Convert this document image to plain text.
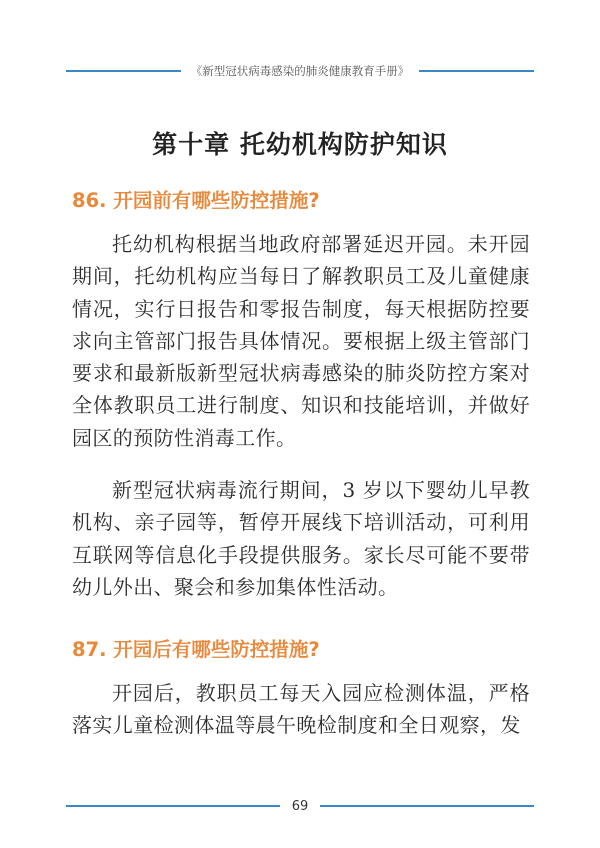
《新型冠状病毒感染的肺炎健康教育手册》
第十章 托幼机构防护知识
86. 开园前有哪些防控措施?

托幼机构根据当地政府部署延迟开园。未开园期间，托幼机构应当每日了解教职员工及儿童健康情况，实行日报告和零报告制度，每天根据防控要求向主管部门报告具体情况。要根据上级主管部门要求和最新版新型冠状病毒感染的肺炎防控方案对全体教职员工进行制度、知识和技能培训，并做好园区的预防性消毒工作。

新型冠状病毒流行期间，3 岁以下婴幼儿早教机构、亲子园等，暂停开展线下培训活动，可利用互联网等信息化手段提供服务。家长尽可能不要带幼儿外出、聚会和参加集体性活动。

87. 开园后有哪些防控措施?

开园后，教职员工每天入园应检测体温，严格落实儿童检测体温等晨午晚检制度和全日观察，发

69
